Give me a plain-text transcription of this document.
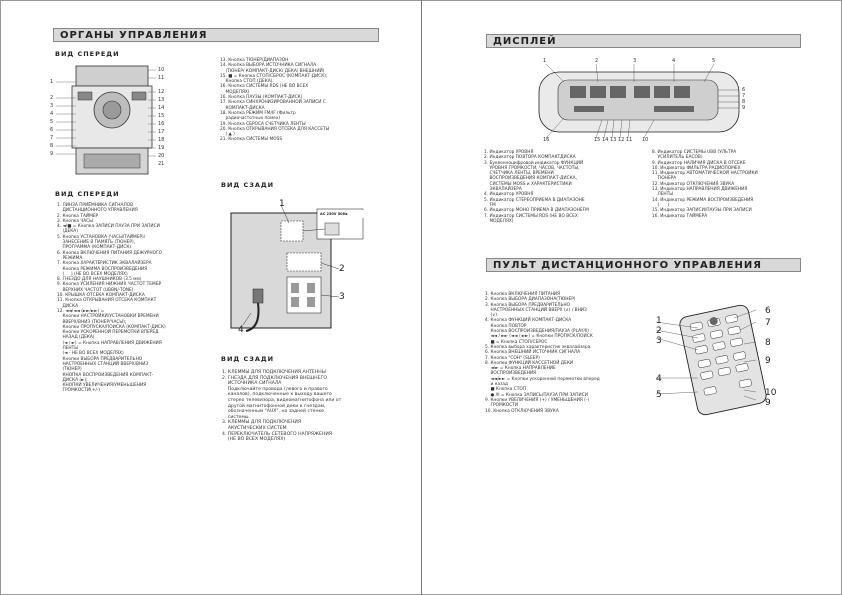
ОРГАНЫ УПРАВЛЕНИЯ
ВИД СПЕРЕДИ
1
2
3
4
5
6
7
8
9
10
11
12
13
14
15
16
17
18
19
20
21
ВИД СПЕРЕДИ
1. ЛИНЗА ПРИЁМНИКА СИГНАЛОВ
ДИСТАНЦИОННОГО УПРАВЛЕНИЯ
2. Кнопка ТАЙМЕР
3. Кнопка ЧАСЫ
4. ◄/■ = Кнопка ЗАПИСИ ПАУЗА ПРИ ЗАПИСИ
(ДЕКА)
5. Кнопка УСТАНОВКА (ЧАСЫ/ТАЙМЕР)/
ЗАНЕСЕНИЕ В ПАМЯТЬ (ТЮНЕР),
ПРОГРАММА (КОМПАКТ-ДИСК)
6. Кнопка ВКЛЮЧЕНИЯ ПИТАНИЯ ДЕЖУРНОГО
РЕЖИМА
7. Кнопка ХАРАКТЕРИСТИК ЭКВАЛАЙЗЕРА
Кнопка РЕЖИМА ВОСПРОИЗВЕДЕНИЯ
(     ) (НЕ ВО ВСЕХ МОДЕЛЯХ)
8. ГНЕЗДО ДЛЯ НАУШНИКОВ (3.5 мм)
9. Кнопка УСИЛЕНИЯ НИЖНИХ ЧАСТОТ ТЕМБР
ВЕРХНИХ ЧАСТОТ (UBBN/-TONE)
10. КРЫШКА ОТСЕКА КОМПАКТ-ДИСКА
11. Кнопка ОТКРЫВАНИЯ ОТСЕКА КОМПАКТ
ДИСКА
12. ◄◄/◄◄ (►►/►►) =
Кнопки НАСТРОЙКИ/УСТАНОВКИ ВРЕМЕНИ
ВВЕРХ/ВНИЗ (ТЮНЕР/ЧАСЫ);
Кнопки ПРОПУСКА/ПОИСКА (КОМПАКТ-ДИСК)
Кнопки УСКОРЕННОЙ ПЕРЕМОТКИ ВПЕРЕД
НАЗАД (ДЕКА)
(◄ / ►) = Кнопка НАПРАВЛЕНИЯ ДВИЖЕНИЯ
ЛЕНТЫ
(◄ - НЕ ВО ВСЕХ МОДЕЛЯХ)
Кнопки ВЫБОРА ПРЕДВАРИТЕЛЬНО
НАСТРОЕННЫХ СТАНЦИЙ ВВЕРХ/ВНИЗ
(ТЮНЕР)
КНОПКА ВОСПРОИЗВЕДЕНИЯ КОМПАКТ-
ДИСКА (►);
КНОПКИ УВЕЛИЧЕНИЯ/УМЕНЬШЕНИЯ
ГРОМКОСТИ(+/-)
13. Кнопка ТЮНЕР/ДИАПАЗОН
14. Кнопка ВЫБОРА ИСТОЧНИКА СИГНАЛА
(ТЮНЕР/ КОМПАКТ-ДИСК/ ДЕКА/ ВНЕШНИЙ)
15. ■ = Кнопка СТОП/СБРОС (КОМПАКТ-ДИСК);
Кнопка СТОП (ДЕКА).
16. Кнопка СИСТЕМЫ RDS (НЕ ВО ВСЕХ
МОДЕЛЯХ)
16. Кнопка ПАУЗЫ (КОМПАКТ-ДИСК)
17. Кнопка СИНХРОНИЗИРОВАННОЙ ЗАПИСИ С
КОМПАКТ-ДИСКА
18. Кнопка РЕЖИМ FM/IF (Фильтр
радиочастотных помех)
19. Кнопка СБРОСА СЧЕТЧИКА ЛЕНТЫ
20. Кнопка ОТКРЫВАНИЯ ОТСЕКА ДЛЯ КАССЕТЫ
( ▲ )
21. Кнопка СИСТЕМЫ MOSS
ВИД СЗАДИ
AC 230V 50Hz
1
2
3
4
ВИД СЗАДИ
1. КЛЕММЫ ДЛЯ ПОДКЛЮЧЕНИЯ АНТЕННЫ
2. ГНЕЗДА ДЛЯ ПОДКЛЮЧЕНИЯ ВНЕШНЕГО
ИСТОЧНИКА СИГНАЛА
Подключайте провода (левого и правого
каналов), подключенные к выходу вашего
стерео телевизора, видеомагнитофона или от
другой магнитофонной деки к гнездам,
обозначенным "AUX", на задней стенке
системы.
3. КЛЕММЫ ДЛЯ ПОДКЛЮЧЕНИЯ
АКУСТИЧЕСКИХ СИСТЕМ
4. ПЕРЕКЛЮЧАТЕЛЬ СЕТЕВОГО НАПРЯЖЕНИЯ
(НЕ ВО ВСЕХ МОДЕЛЯХ)
ДИСПЛЕЙ
1	2	3	4	5
6
7
8
9
16	15 14 13 12 11 10
1. Индикатор УРОВНЯ
2. Индикатор ПОВТОРА КОМПАКТДИСКА
3. Буквенноцифровой индикатор ФУНКЦИЙ
УРОВНЯ ГРОМКОСТИ, ЧАСОВ, ЧАСТОТЫ,
СЧЕТЧИКА ЛЕНТЫ, ВРЕМЕНИ
ВОСПРОИЗВЕДЕНИЯ КОМПАКТ-ДИСКА,
СИСТЕМЫ MOSS и ХАРАКТЕРИСТИКИ
ЭКВАЛАЙЗЕРА
4. Индикатор УРОВНЯ
5. Индикатор СТЕРЕОПРИЕМА В ДИАПАЗОНЕ
FM
6. Индикатор МОНО ПРИЕМА В ДИАПАЗОНЕFM
7. Индикатор СИСТЕМЫ RDS (НЕ ВО ВСЕХ
МОДЕЛЯХ)
8. Индикатор СИСТЕМЫ UBB (УЛЬТРА
УСИЛИТЕЛЬ БАСОВ)
9. Индикатор НАЛИЧИЯ ДИСКА В ОТСЕКЕ
10. Индикатор ФИЛЬТРА РАДИОПОМЕХ
11. Индикатор АВТОМАТИЧЕСКОЙ НАСТРОЙКИ
ТЮНЕРА
12. Индикатор ОТКЛЮЧЕНИЯ ЗВУКА
13. Индикатор НАПРАВЛЕНИЯ ДВИЖЕНИЯ
ЛЕНТЫ
14. Индикатор РЕЖИМА ВОСПРОИЗВЕДЕНИЯ
(      )
15. Индикатор ЗАПИСИ/ПАУЗЫ ПРИ ЗАПИСИ
16. Индикатор ТАЙМЕРА
ПУЛЬТ ДИСТАНЦИОННОГО УПРАВЛЕНИЯ
1. Кнопка ВКЛЮЧЕНИЯ ПИТАНИЯ
2. Кнопка ВЫБОРА ДИАПАЗОНА(ТЮНЕР)
3. Кнопка ВЫБОРА ПРЕДВАРИТЕЛЬНО
НАСТРОЕННЫХ СТАНЦИЙ ВВЕРХ (∧) / ВНИЗ
(∨)
4. Кнопка ФУНКЦИЙ КОМПАКТ-ДИСКА
Кнопка ПОВТОР
Кнопка ВОСПРОИЗВЕДЕНИЯ/ПАУЗА (PLAY/II)
◄◄ / ►► (◄◄ / ►►) = Кнопки ПРОПУСК/ПОИСК
■ = Кнопка СТОП/СБРОС
5. Кнопка выбора характеристик эквалайзера.
6. Кнопка ВНЕШНИЙ ИСТОЧНИК СИГНАЛА
7. Кнопка "СОН" (SLEEP)
8. Кнопки ФУНКЦИЙ КАССЕТНОЙ ДЕКИ
◄/► = Кнопка НАПРАВЛЕНИЕ
ВОСПРОИЗВЕДЕНИЯ
◄◄/►► = Кнопки ускоренной перемотки вперед
и назад
■ Кнопка СТОП
● /II = Кнопка ЗАПИСЬ/ПАУЗА ПРИ ЗАПИСИ
9. Кнопки УВЕЛИЧЕНИЯ (+) / УМЕНЬШЕНИЯ (-)
ГРОМКОСТИ
10. Кнопка ОТКЛЮЧЕНИЯ ЗВУКА
1
2
3
4
5
6
7
8
9
10
9
